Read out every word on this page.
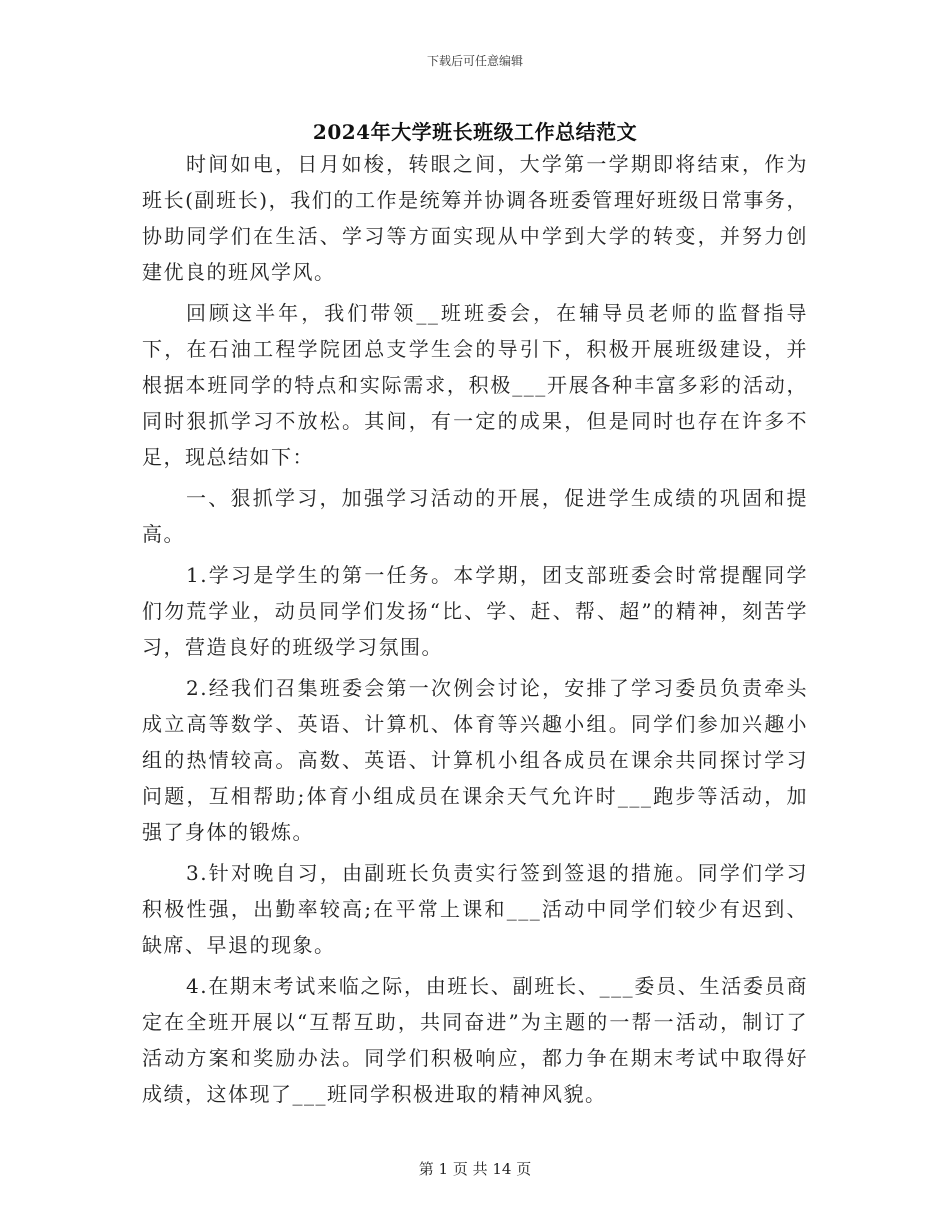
下载后可任意编辑
2024年大学班长班级工作总结范文

时间如电，日月如梭，转眼之间，大学第一学期即将结束，作为班长(副班长)，我们的工作是统筹并协调各班委管理好班级日常事务，协助同学们在生活、学习等方面实现从中学到大学的转变，并努力创建优良的班风学风。

回顾这半年，我们带领__班班委会，在辅导员老师的监督指导下，在石油工程学院团总支学生会的导引下，积极开展班级建设，并根据本班同学的特点和实际需求，积极___开展各种丰富多彩的活动，同时狠抓学习不放松。其间，有一定的成果，但是同时也存在许多不足，现总结如下：

一、狠抓学习，加强学习活动的开展，促进学生成绩的巩固和提高。

1.学习是学生的第一任务。本学期，团支部班委会时常提醒同学们勿荒学业，动员同学们发扬“比、学、赶、帮、超”的精神，刻苦学习，营造良好的班级学习氛围。

2.经我们召集班委会第一次例会讨论，安排了学习委员负责牵头成立高等数学、英语、计算机、体育等兴趣小组。同学们参加兴趣小组的热情较高。高数、英语、计算机小组各成员在课余共同探讨学习问题，互相帮助;体育小组成员在课余天气允许时___跑步等活动，加强了身体的锻炼。

3.针对晚自习，由副班长负责实行签到签退的措施。同学们学习积极性强，出勤率较高;在平常上课和___活动中同学们较少有迟到、缺席、早退的现象。

4.在期末考试来临之际，由班长、副班长、___委员、生活委员商定在全班开展以“互帮互助，共同奋进”为主题的一帮一活动，制订了活动方案和奖励办法。同学们积极响应，都力争在期末考试中取得好成绩，这体现了___班同学积极进取的精神风貌。

第 1 页 共 14 页
